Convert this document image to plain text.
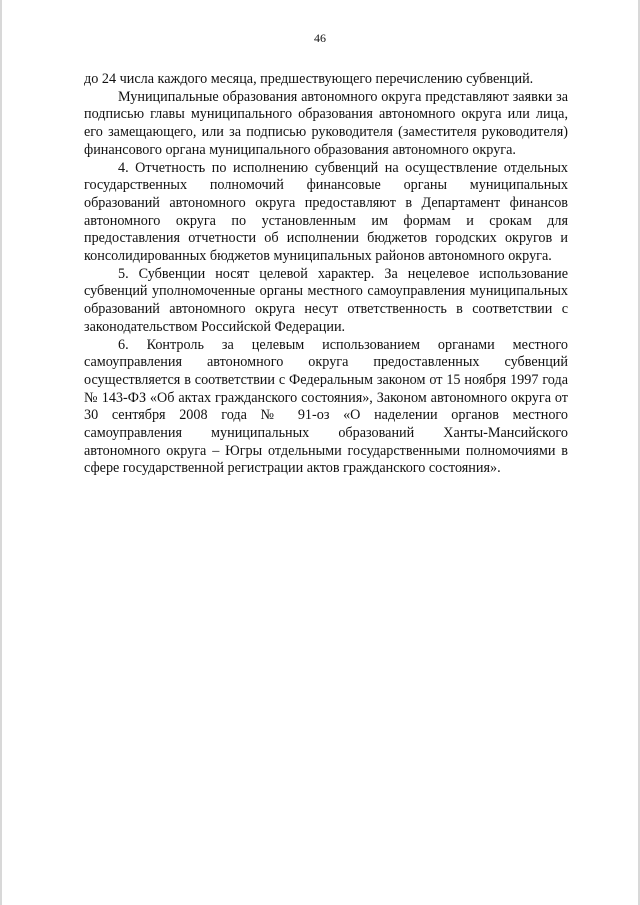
46

до 24 числа каждого месяца, предшествующего перечислению субвенций.

Муниципальные образования автономного округа представляют заявки за подписью главы муниципального образования автономного округа или лица, его замещающего, или за подписью руководителя (заместителя руководителя) финансового органа муниципального образования автономного округа.

4. Отчетность по исполнению субвенций на осуществление отдельных государственных полномочий финансовые органы муниципальных образований автономного округа предоставляют в Департамент финансов автономного округа по установленным им формам и срокам для предоставления отчетности об исполнении бюджетов городских округов и консолидированных бюджетов муниципальных районов автономного округа.

5. Субвенции носят целевой характер. За нецелевое использование субвенций уполномоченные органы местного самоуправления муниципальных образований автономного округа несут ответственность в соответствии с законодательством Российской Федерации.

6. Контроль за целевым использованием органами местного самоуправления автономного округа предоставленных субвенций осуществляется в соответствии с Федеральным законом от 15 ноября 1997 года № 143-ФЗ «Об актах гражданского состояния», Законом автономного округа от 30 сентября 2008 года № 91-оз «О наделении органов местного самоуправления муниципальных образований Ханты-Мансийского автономного округа – Югры отдельными государственными полномочиями в сфере государственной регистрации актов гражданского состояния».
